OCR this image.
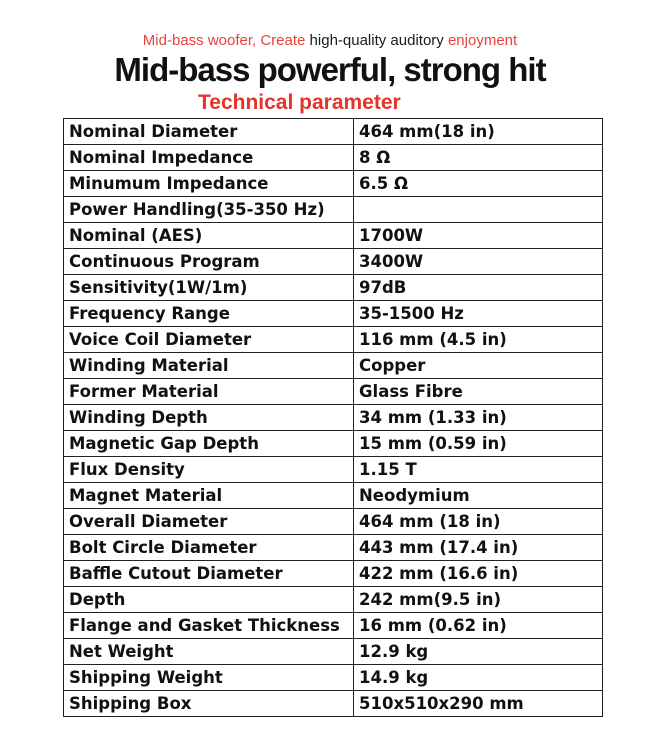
Mid-bass woofer, Create high-quality auditory enjoyment
Mid-bass powerful, strong hit
Technical parameter
Nominal Diameter	464 mm(18 in)
Nominal Impedance	8 Ω
Minumum Impedance	6.5 Ω
Power Handling(35-350 Hz)	
Nominal (AES)	1700W
Continuous Program	3400W
Sensitivity(1W/1m)	97dB
Frequency Range	35-1500 Hz
Voice Coil Diameter	116 mm (4.5 in)
Winding Material	Copper
Former Material	Glass Fibre
Winding Depth	34 mm (1.33 in)
Magnetic Gap Depth	15 mm (0.59 in)
Flux Density	1.15 T
Magnet Material	Neodymium
Overall Diameter	464 mm (18 in)
Bolt Circle Diameter	443 mm (17.4 in)
Baffle Cutout Diameter	422 mm (16.6 in)
Depth	242 mm(9.5 in)
Flange and Gasket Thickness	16 mm (0.62 in)
Net Weight	12.9 kg
Shipping Weight	14.9 kg
Shipping Box	510x510x290 mm
